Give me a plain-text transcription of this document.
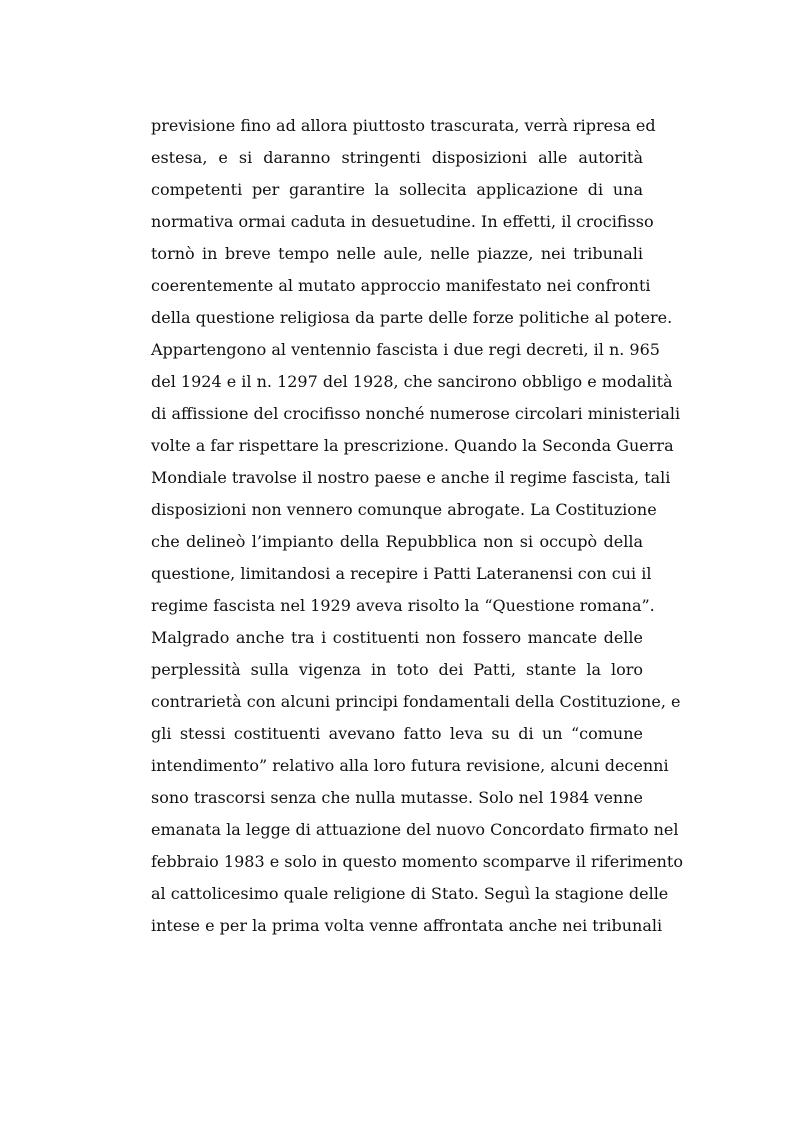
previsione fino ad allora piuttosto trascurata, verrà ripresa ed
estesa, e si daranno stringenti disposizioni alle autorità
competenti per garantire la sollecita applicazione di una
normativa ormai caduta in desuetudine. In effetti, il crocifisso
tornò in breve tempo nelle aule, nelle piazze, nei tribunali
coerentemente al mutato approccio manifestato nei confronti
della questione religiosa da parte delle forze politiche al potere.
Appartengono al ventennio fascista i due regi decreti, il n. 965
del 1924 e il n. 1297 del 1928, che sancirono obbligo e modalità
di affissione del crocifisso nonché numerose circolari ministeriali
volte a far rispettare la prescrizione. Quando la Seconda Guerra
Mondiale travolse il nostro paese e anche il regime fascista, tali
disposizioni non vennero comunque abrogate. La Costituzione
che delineò l’impianto della Repubblica non si occupò della
questione, limitandosi a recepire i Patti Lateranensi con cui il
regime fascista nel 1929 aveva risolto la “Questione romana”.
Malgrado anche tra i costituenti non fossero mancate delle
perplessità sulla vigenza in toto dei Patti, stante la loro
contrarietà con alcuni principi fondamentali della Costituzione, e
gli stessi costituenti avevano fatto leva su di un “comune
intendimento” relativo alla loro futura revisione, alcuni decenni
sono trascorsi senza che nulla mutasse. Solo nel 1984 venne
emanata la legge di attuazione del nuovo Concordato firmato nel
febbraio 1983 e solo in questo momento scomparve il riferimento
al cattolicesimo quale religione di Stato. Seguì la stagione delle
intese e per la prima volta venne affrontata anche nei tribunali
